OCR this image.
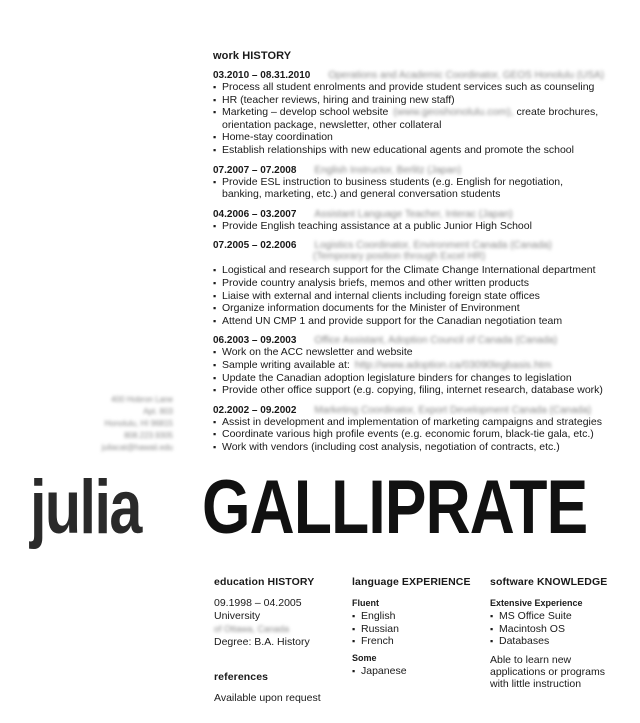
work HISTORY
03.2010 – 08.31.2010 Operations and Academic Coordinator, GEOS Honolulu (USA)
▪ Process all student enrolments and provide student services such as counseling
▪ HR (teacher reviews, hiring and training new staff)
▪ Marketing – develop school website (www.geoshonolulu.com), create brochures,
orientation package, newsletter, other collateral
▪ Home-stay coordination
▪ Establish relationships with new educational agents and promote the school
07.2007 – 07.2008 English Instructor, Berlitz (Japan)
▪ Provide ESL instruction to business students (e.g. English for negotiation,
banking, marketing, etc.) and general conversation students
04.2006 – 03.2007 Assistant Language Teacher, Interac (Japan)
▪ Provide English teaching assistance at a public Junior High School
07.2005 – 02.2006 Logistics Coordinator, Environment Canada (Canada)
(Temporary position through Excel HR)
▪ Logistical and research support for the Climate Change International department
▪ Provide country analysis briefs, memos and other written products
▪ Liaise with external and internal clients including foreign state offices
▪ Organize information documents for the Minister of Environment
▪ Attend UN CMP 1 and provide support for the Canadian negotiation team
06.2003 – 09.2003 Office Assistant, Adoption Council of Canada (Canada)
▪ Work on the ACC newsletter and website
▪ Sample writing available at: http://www.adoption.ca/03090legbasis.htm
▪ Update the Canadian adoption legislature binders for changes to legislation
▪ Provide other office support (e.g. copying, filing, internet research, database work)
02.2002 – 09.2002 Marketing Coordinator, Export Development Canada (Canada)
▪ Assist in development and implementation of marketing campaigns and strategies
▪ Coordinate various high profile events (e.g. economic forum, black-tie gala, etc.)
▪ Work with vendors (including cost analysis, negotiation of contracts, etc.)
400 Hobron Lane
Apt. 803
Honolulu, HI 96815
808.223.9305
juliacat@hawaii.edu
julia GALLIPRATE
education HISTORY
09.1998 – 04.2005 University
of Ottawa, Canada
Degree: B.A. History
references
Available upon request
language EXPERIENCE
Fluent
▪ English
▪ Russian
▪ French
Some
▪ Japanese
software KNOWLEDGE
Extensive Experience
▪ MS Office Suite
▪ Macintosh OS
▪ Databases
Able to learn new
applications or programs
with little instruction
